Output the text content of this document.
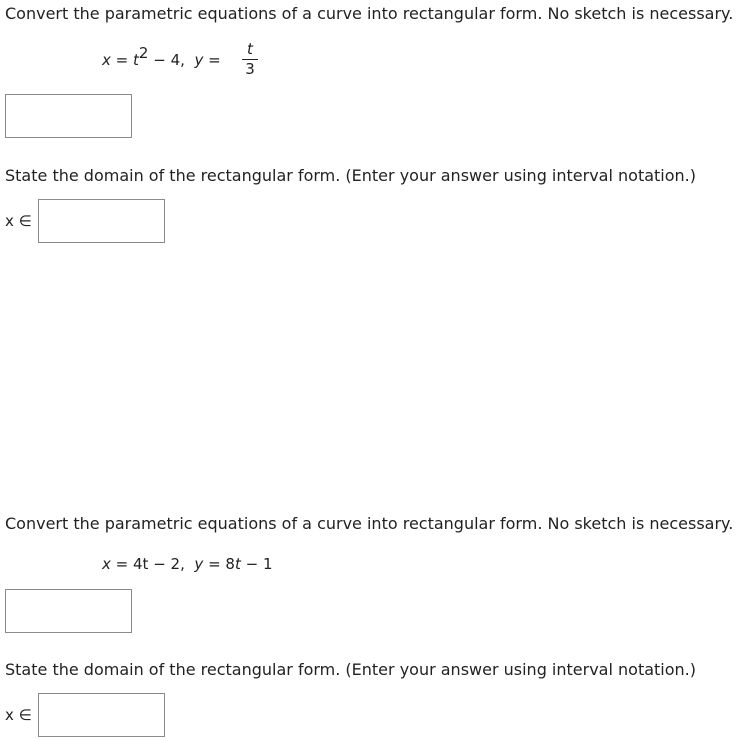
Convert the parametric equations of a curve into rectangular form. No sketch is necessary.
x = t2 − 4, y =
t
3
State the domain of the rectangular form. (Enter your answer using interval notation.)
x ∈
Convert the parametric equations of a curve into rectangular form. No sketch is necessary.
x = 4t − 2, y = 8t − 1
State the domain of the rectangular form. (Enter your answer using interval notation.)
x ∈
